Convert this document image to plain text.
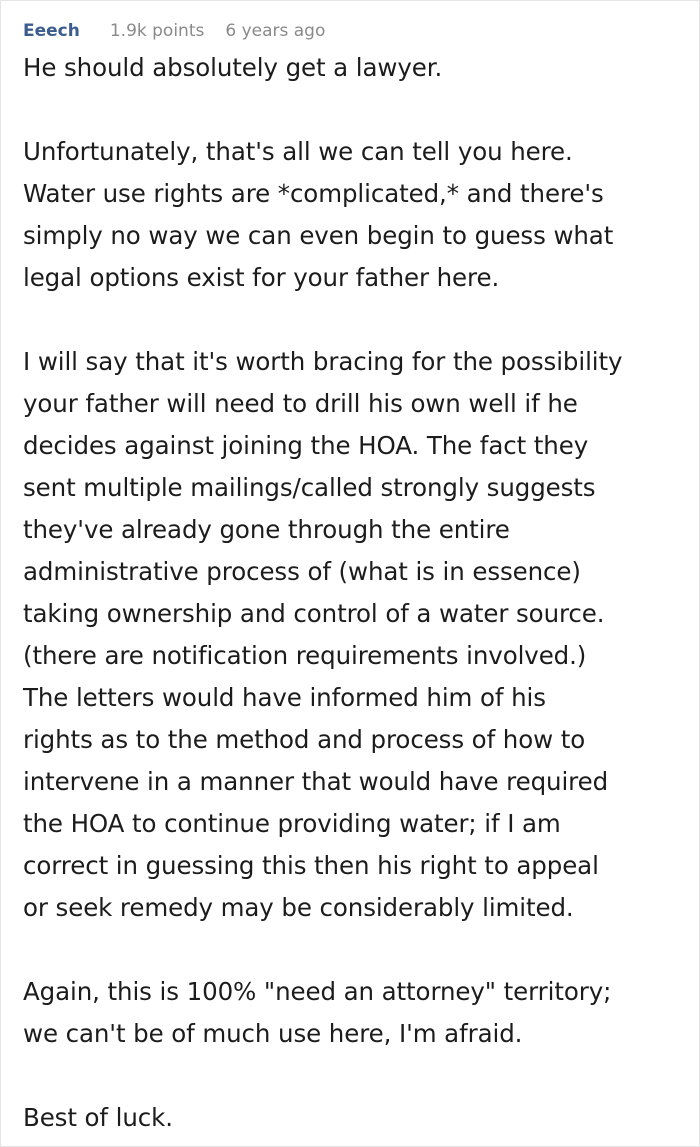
Eeech 1.9k points 6 years ago

He should absolutely get a lawyer.

Unfortunately, that's all we can tell you here.
Water use rights are *complicated,* and there's
simply no way we can even begin to guess what
legal options exist for your father here.

I will say that it's worth bracing for the possibility
your father will need to drill his own well if he
decides against joining the HOA. The fact they
sent multiple mailings/called strongly suggests
they've already gone through the entire
administrative process of (what is in essence)
taking ownership and control of a water source.
(there are notification requirements involved.)
The letters would have informed him of his
rights as to the method and process of how to
intervene in a manner that would have required
the HOA to continue providing water; if I am
correct in guessing this then his right to appeal
or seek remedy may be considerably limited.

Again, this is 100% "need an attorney" territory;
we can't be of much use here, I'm afraid.

Best of luck.
